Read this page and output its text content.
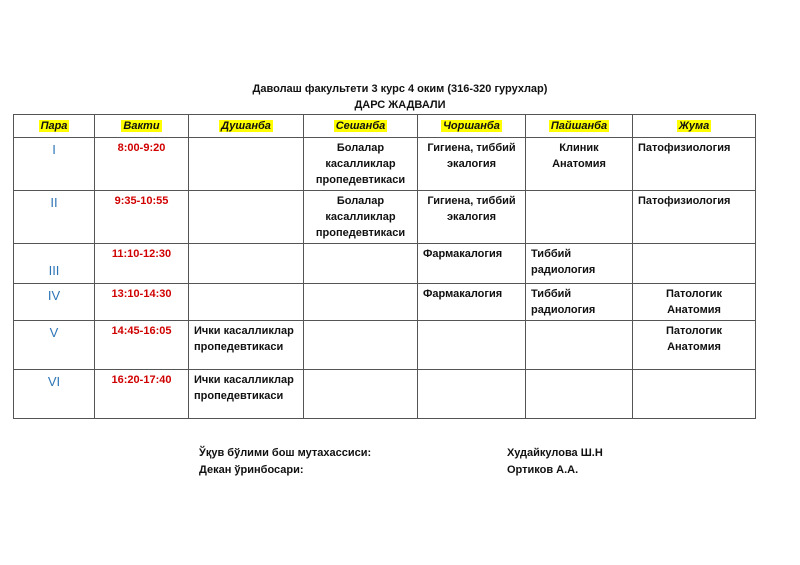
Даволаш факультети 3 курс 4 оким (316-320 гурухлар)
ДАРС ЖАДВАЛИ
Пара	Вакти	Душанба	Сешанба	Чоршанба	Пайшанба	Жума
I	8:00-9:20		Болалар касалликлар пропедевтикаси	Гигиена, тиббий экалогия	Клиник Анатомия	Патофизиология
II	9:35-10:55		Болалар касалликлар пропедевтикаси	Гигиена, тиббий экалогия		Патофизиология
III	11:10-12:30			Фармакалогия	Тиббий радиология	
IV	13:10-14:30			Фармакалогия	Тиббий радиология	Патологик Анатомия
V	14:45-16:05	Ички касалликлар пропедевтикаси				Патологик Анатомия
VI	16:20-17:40	Ички касалликлар пропедевтикаси				
Ўқув бўлими бош мутахассиси:	Худайкулова Ш.Н
Декан ўринбосари:	Ортиков А.А.
